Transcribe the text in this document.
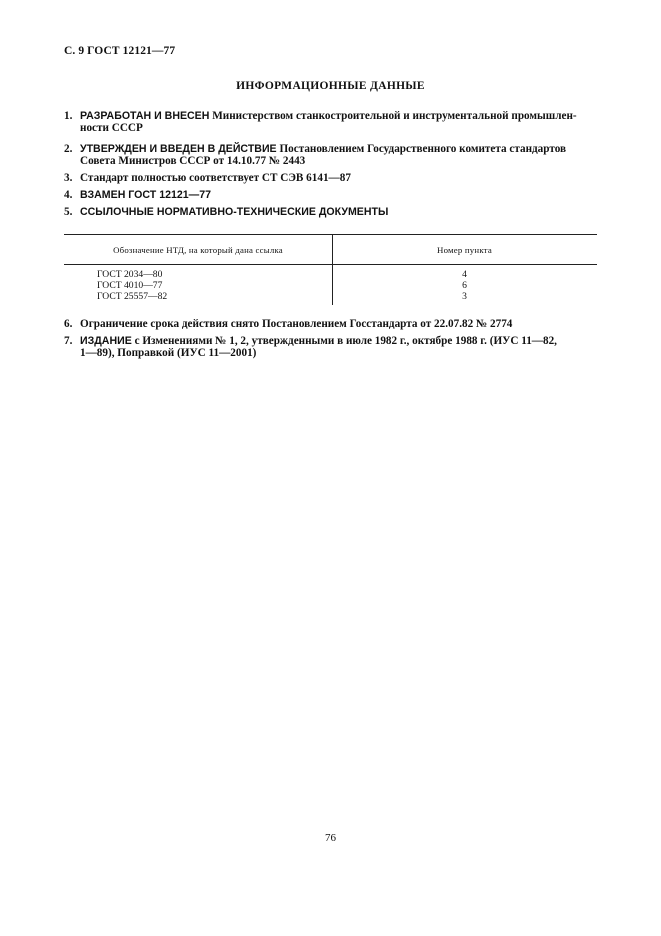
С. 9 ГОСТ 12121—77
ИНФОРМАЦИОННЫЕ ДАННЫЕ
1. РАЗРАБОТАН И ВНЕСЕН Министерством станкостроительной и инструментальной промышлен-
ности СССР
2. УТВЕРЖДЕН И ВВЕДЕН В ДЕЙСТВИЕ Постановлением Государственного комитета стандартов
Совета Министров СССР от 14.10.77 № 2443
3. Стандарт полностью соответствует СТ СЭВ 6141—87
4. ВЗАМЕН ГОСТ 12121—77
5. ССЫЛОЧНЫЕ НОРМАТИВНО-ТЕХНИЧЕСКИЕ ДОКУМЕНТЫ
Обозначение НТД, на который дана ссылка	Номер пункта
ГОСТ 2034—80
ГОСТ 4010—77
ГОСТ 25557—82
4
6
3
6. Ограничение срока действия снято Постановлением Госстандарта от 22.07.82 № 2774
7. ИЗДАНИЕ с Изменениями № 1, 2, утвержденными в июле 1982 г., октябре 1988 г. (ИУС 11—82,
1—89), Поправкой (ИУС 11—2001)
76
